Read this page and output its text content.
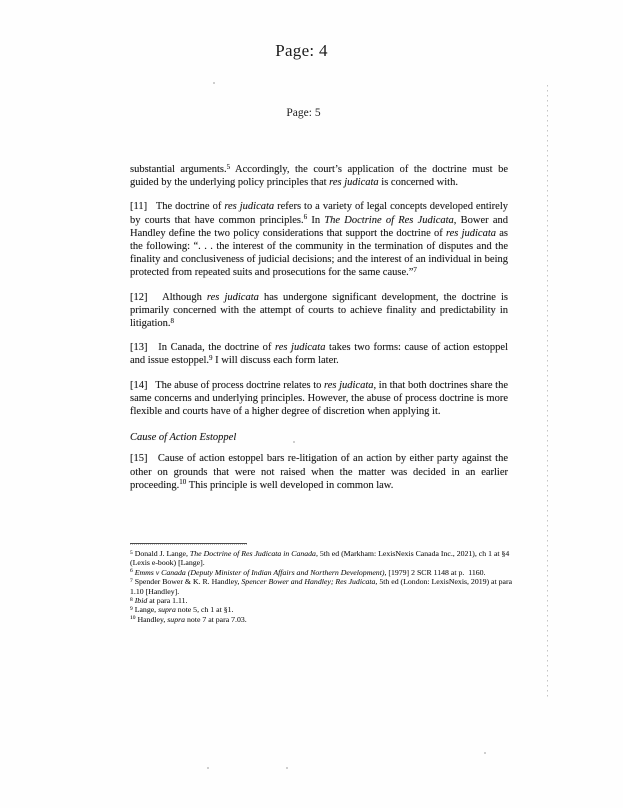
Page: 4
Page: 5

substantial arguments.$^5$ Accordingly, the court’s application of the doctrine must be guided by the underlying policy principles that res judicata is concerned with.

[11]   The doctrine of res judicata refers to a variety of legal concepts developed entirely by courts that have common principles.$^6$ In The Doctrine of Res Judicata, Bower and Handley define the two policy considerations that support the doctrine of res judicata as the following: “. . . the interest of the community in the termination of disputes and the finality and conclusiveness of judicial decisions; and the interest of an individual in being protected from repeated suits and prosecutions for the same cause.”$^7$

[12]   Although res judicata has undergone significant development, the doctrine is primarily concerned with the attempt of courts to achieve finality and predictability in litigation.$^8$

[13]   In Canada, the doctrine of res judicata takes two forms: cause of action estoppel and issue estoppel.$^9$ I will discuss each form later.

[14]   The abuse of process doctrine relates to res judicata, in that both doctrines share the same concerns and underlying principles. However, the abuse of process doctrine is more flexible and courts have of a higher degree of discretion when applying it.

Cause of Action Estoppel

[15]   Cause of action estoppel bars re-litigation of an action by either party against the other on grounds that were not raised when the matter was decided in an earlier proceeding.$^{10}$ This principle is well developed in common law.

$^5$ Donald J. Lange, The Doctrine of Res Judicata in Canada, 5th ed (Markham: LexisNexis Canada Inc., 2021), ch 1 at §4 (Lexis e-book) [Lange].

$^6$ Emms v Canada (Deputy Minister of Indian Affairs and Northern Development), [1979] 2 SCR 1148 at p.  1160.

$^7$ Spender Bower & K. R. Handley, Spencer Bower and Handley; Res Judicata, 5th ed (London: LexisNexis, 2019) at para 1.10 [Handley].

$^8$ Ibid at para 1.11.

$^9$ Lange, supra note 5, ch 1 at §1.

$^{10}$ Handley, supra note 7 at para 7.03.
